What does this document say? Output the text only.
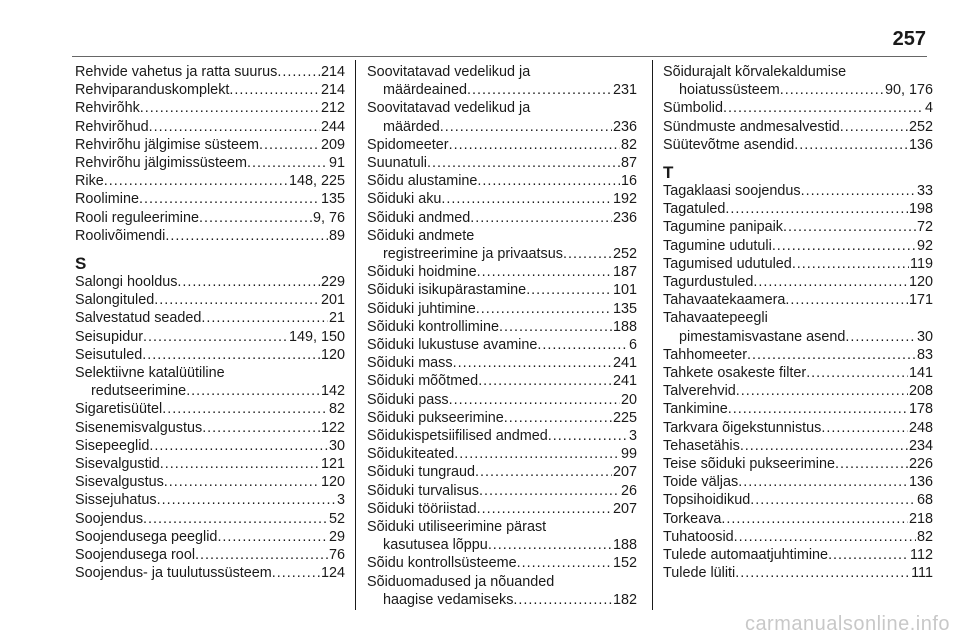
257
Rehvide vahetus ja ratta suurus .....	214
Rehviparanduskomplekt .....	214
Rehvirõhk .....	212
Rehvirõhud .....	244
Rehvirõhu jälgimise süsteem .....	209
Rehvirõhu jälgimissüsteem .....	91
Rike .....	148, 225
Roolimine .....	135
Rooli reguleerimine .....	9, 76
Roolivõimendi .....	89
S
Salongi hooldus .....	229
Salongituled .....	201
Salvestatud seaded .....	21
Seisupidur .....	149, 150
Seisutuled .....	120
Selektiivne katalüütiline
redutseerimine .....	142
Sigaretisüütel .....	82
Sisenemisvalgustus .....	122
Sisepeeglid .....	30
Sisevalgustid .....	121
Sisevalgustus .....	120
Sissejuhatus .....	3
Soojendus .....	52
Soojendusega peeglid .....	29
Soojendusega rool .....	76
Soojendus- ja tuulutussüsteem .....	124
Soovitatavad vedelikud ja
määrdeained .....	231
Soovitatavad vedelikud ja
määrded .....	236
Spidomeeter .....	82
Suunatuli .....	87
Sõidu alustamine .....	16
Sõiduki aku .....	192
Sõiduki andmed .....	236
Sõiduki andmete
registreerimine ja privaatsus .....	252
Sõiduki hoidmine .....	187
Sõiduki isikupärastamine .....	101
Sõiduki juhtimine .....	135
Sõiduki kontrollimine .....	188
Sõiduki lukustuse avamine .....	6
Sõiduki mass .....	241
Sõiduki mõõtmed .....	241
Sõiduki pass .....	20
Sõiduki pukseerimine .....	225
Sõidukispetsiifilised andmed .....	3
Sõidukiteated .....	99
Sõiduki tungraud .....	207
Sõiduki turvalisus .....	26
Sõiduki tööriistad .....	207
Sõiduki utiliseerimine pärast
kasutusea lõppu .....	188
Sõidu kontrollsüsteeme .....	152
Sõiduomadused ja nõuanded
haagise vedamiseks .....	182
Sõidurajalt kõrvalekaldumise
hoiatussüsteem .....	90, 176
Sümbolid .....	4
Sündmuste andmesalvestid .....	252
Süütevõtme asendid .....	136
T
Tagaklaasi soojendus .....	33
Tagatuled .....	198
Tagumine panipaik .....	72
Tagumine udutuli .....	92
Tagumised udutuled .....	119
Tagurdustuled .....	120
Tahavaatekaamera .....	171
Tahavaatepeegli
pimestamisvastane asend .....	30
Tahhomeeter .....	83
Tahkete osakeste filter .....	141
Talverehvid .....	208
Tankimine .....	178
Tarkvara õigekstunnistus .....	248
Tehasetähis .....	234
Teise sõiduki pukseerimine .....	226
Toide väljas .....	136
Topsihoidikud .....	68
Torkeava .....	218
Tuhatoosid .....	82
Tulede automaatjuhtimine .....	112
Tulede lüliti .....	111
carmanualsonline.info
